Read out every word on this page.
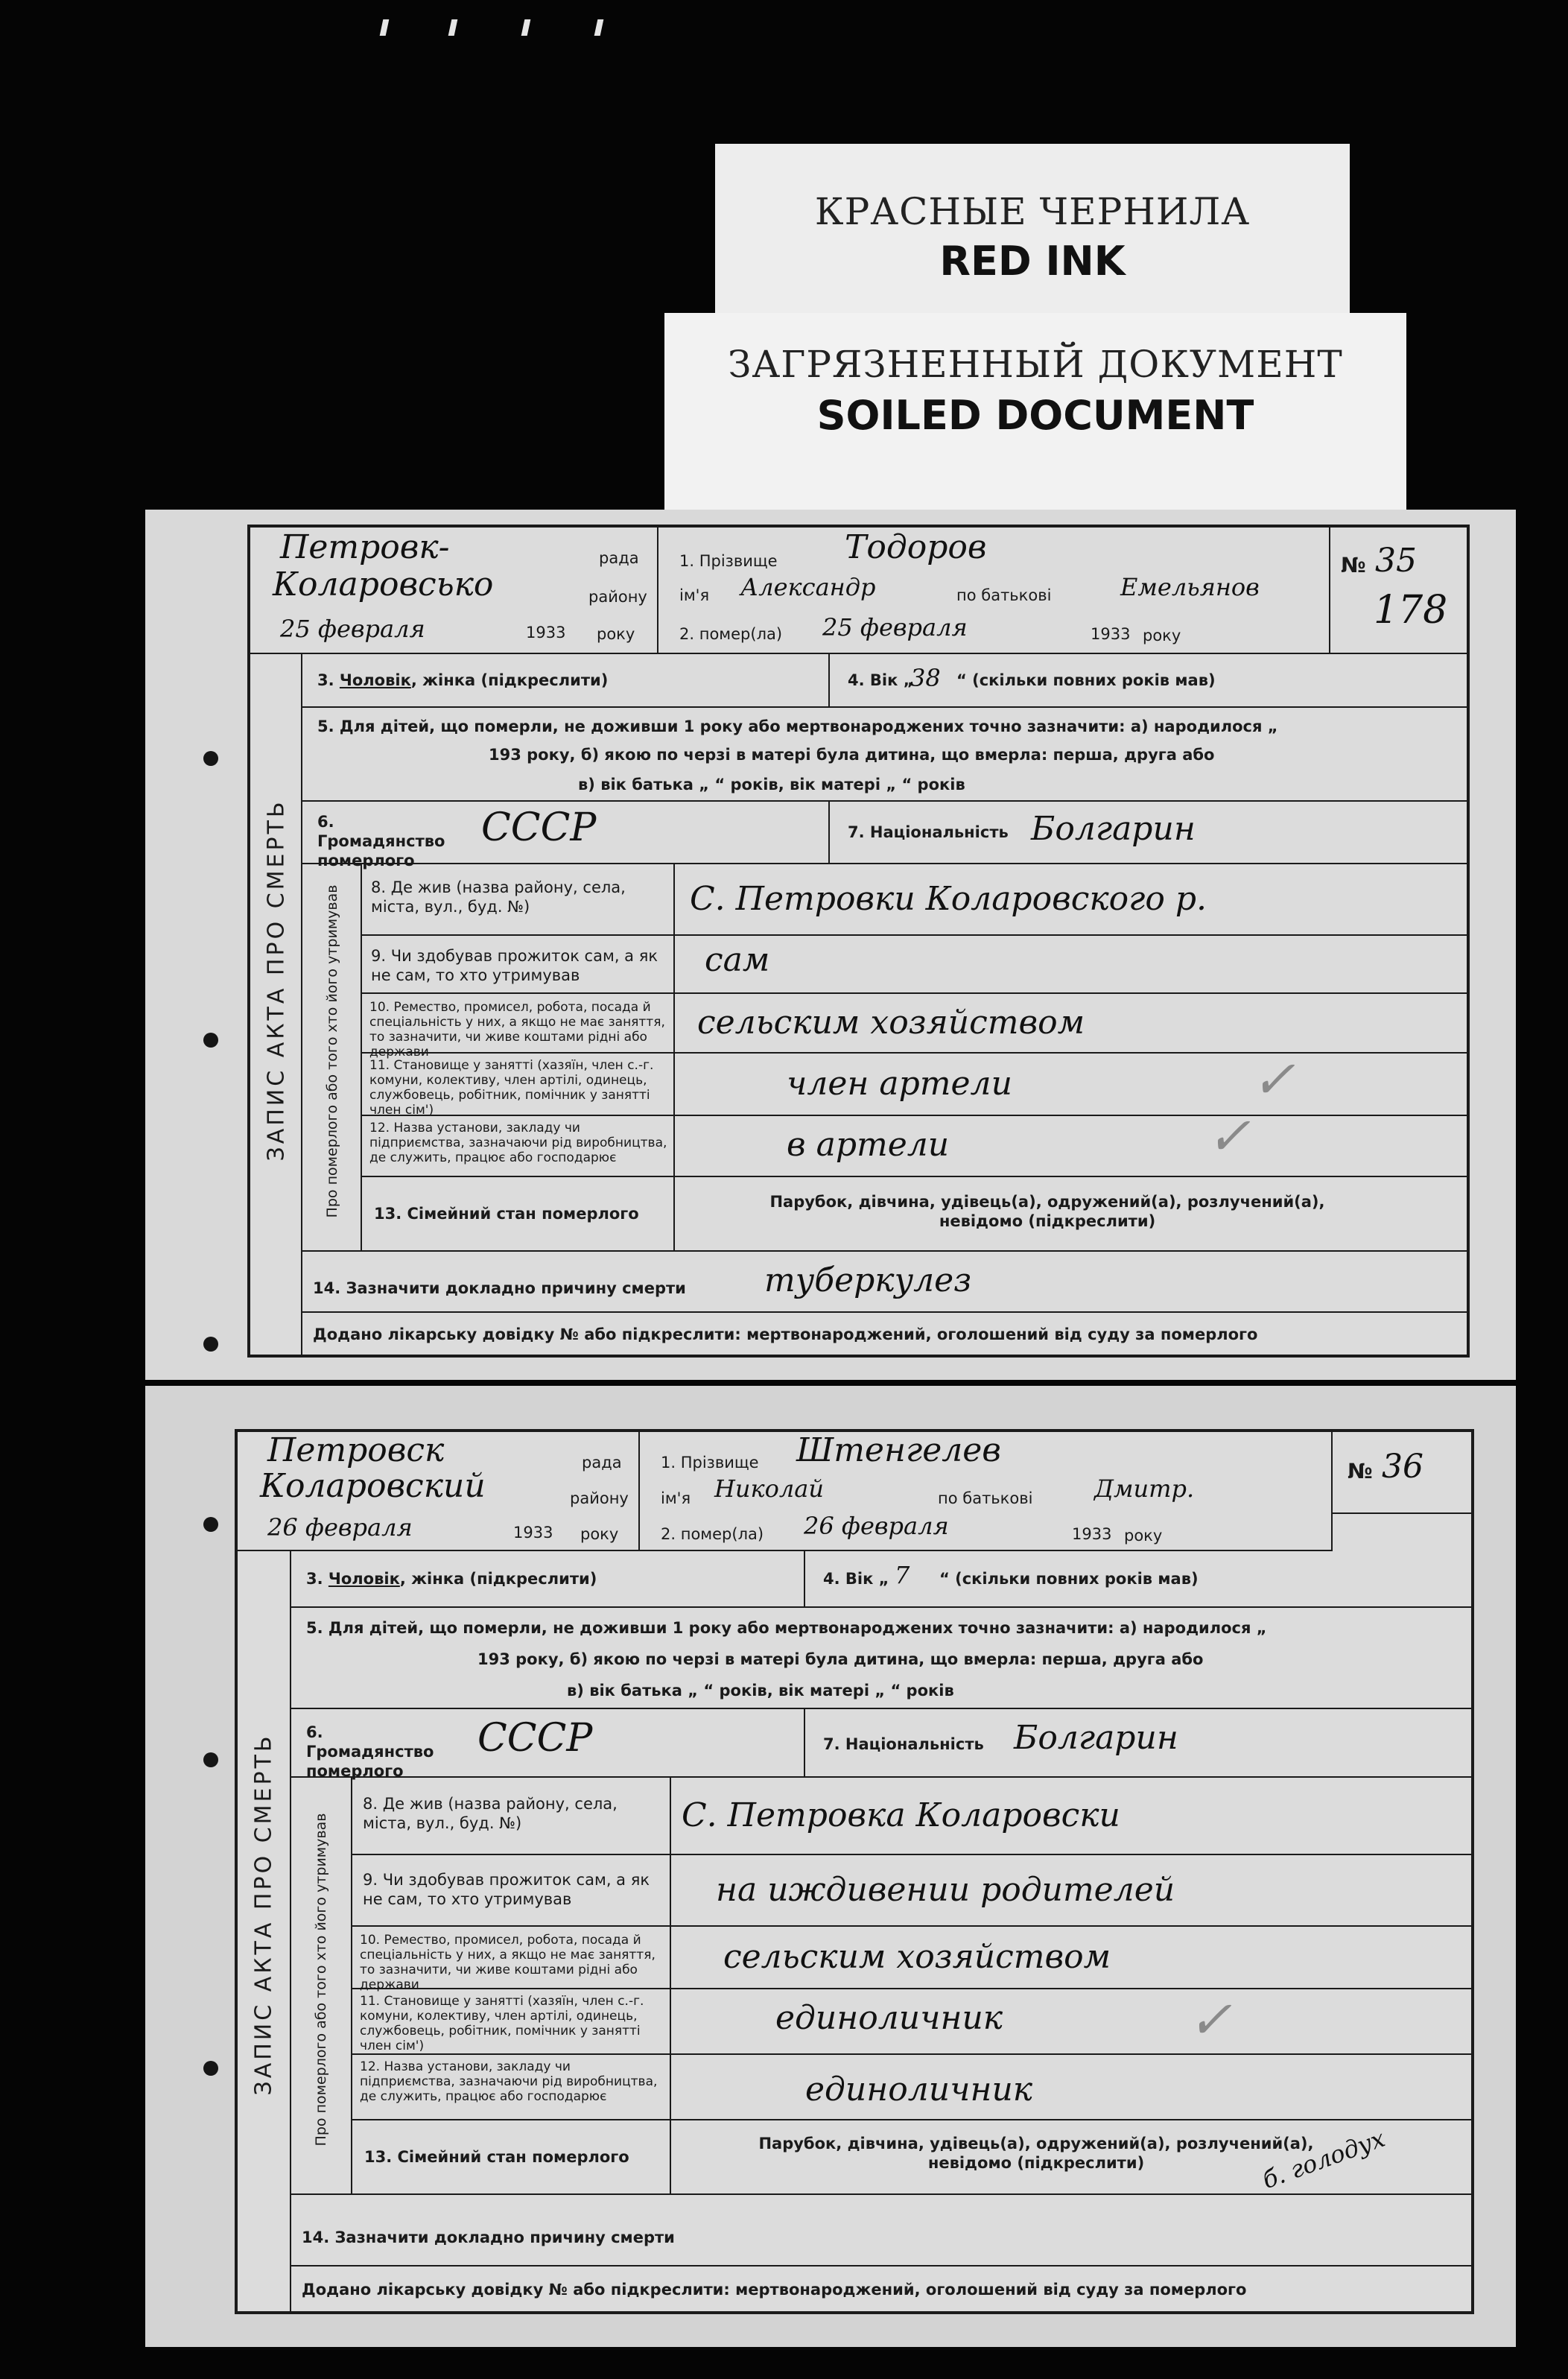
КРАСНЫЕ ЧЕРНИЛА
RED INK
ЗАГРЯЗНЕННЫЙ ДОКУМЕНТ
SOILED DOCUMENT
Петровк-	рада
Коларовсько	району
25 февраля	1933 року
1. Прізвище Тодоров
ім'я Александр	по батькові	Емельянов
2. помер(ла) 25 февраля	1933 року
№ 35
178
ЗАПИС АКТА ПРО СМЕРТЬ
3. Чоловік, жінка (підкреслити)	4. Вік „
38 “ (скільки повних років мав)
5. Для дітей, що померли, не доживши 1 року або мертвонароджених точно зазначити: а) народилося „
193 року, б) якою по черзі в матері була дитина, що вмерла: перша, друга або
в) вік батька „ “ років, вік матері „ “ років
6. Громадянство померлого
СССР	7. Національність Болгарин
Про померлого або того хто його утримував 8. Де жив (назва району, села, міста, вул., буд. №)	С. Петровки Коларовского р.
9. Чи здобував прожиток сам, а як не сам, то хто утримував	сам
10. Ремество, промисел, робота, посада й спеціальність у них, а якщо не має заняття, то зазначити, чи живе коштами рідні або держави
сельским хозяйством
11. Становище у занятті (хазяїн, член с.-г. комуни, колективу, член артілі, одинець, службовець, робітник, помічник у занятті член сім')
член артели	✓
12. Назва установи, закладу чи підприємства, зазначаючи рід виробництва, де служить, працює або господарює	в артели	✓
13. Сімейний стан померлого
Парубок, дівчина, удівець(а), одружений(а), розлучений(а), невідомо (підкреслити)
14. Зазначити докладно причину смерти туберкулез
Додано лікарську довідку № або підкреслити: мертвонароджений, оголошений від суду за померлого
Петровск	рада
Коларовский	району
26 февраля	1933 року
1. Прізвище Штенгелев
ім'я Николай	по батькові	Дмитр.
2. помер(ла) 26 февраля	1933 року
№ 36
ЗАПИС АКТА ПРО СМЕРТЬ
3. Чоловік, жінка (підкреслити)	4. Вік „ 7 “ (скільки повних років мав)
5. Для дітей, що померли, не доживши 1 року або мертвонароджених точно зазначити: а) народилося „
193 року, б) якою по черзі в матері була дитина, що вмерла: перша, друга або
в) вік батька „ “ років, вік матері „ “ років
6. Громадянство померлого
СССР	7. Національність Болгарин
Про померлого або того хто його утримував
8. Де жив (назва району, села, міста, вул., буд. №)	С. Петровка Коларовски
9. Чи здобував прожиток сам, а як не сам, то хто утримував	на иждивении родителей
10. Ремество, промисел, робота, посада й спеціальність у них, а якщо не має заняття, то зазначити, чи живе коштами рідні або держави
сельским хозяйством
11. Становище у занятті (хазяїн, член с.-г. комуни, колективу, член артілі, одинець, службовець, робітник, помічник у занятті член сім')
единоличник	✓
12. Назва установи, закладу чи підприємства, зазначаючи рід виробництва, де служить, працює або господарює	единоличник
13. Сімейний стан померлого
Парубок, дівчина, удівець(а), одружений(а), розлучений(а), невідомо (підкреслити)	б. голодух
14. Зазначити докладно причину смерти
Додано лікарську довідку № або підкреслити: мертвонароджений, оголошений від суду за померлого
